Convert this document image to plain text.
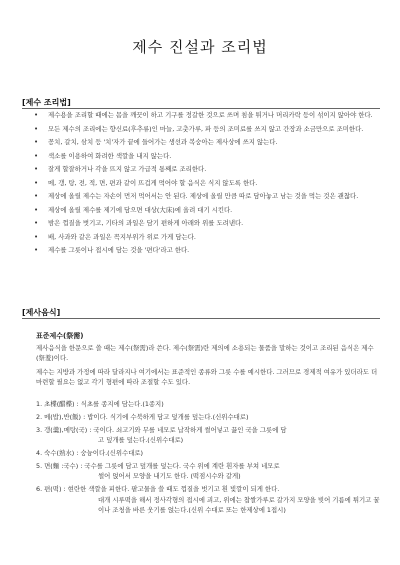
제수 진설과 조리법
[제수 조리법]
• 제수용을 조리할 때에는 몸을 깨끗이 하고 기구를 정갈한 것으로 쓰며 침을 튀거나 머리카락 등이 섞이지 않아야 한다.
• 모든 제수의 조리에는 향신료(후추류)인 마늘, 고춧가루, 파 등의 조미료를 쓰지 않고 간장과 소금만으로 조미한다.
• 꽁치, 갈치, 삼치 등 '치'자가 끝에 들어가는 생선과 복숭아는 제사상에 쓰지 않는다.
• 색소를 이용하여 화려한 색깔을 내지 않는다.
• 잘게 할잘하거나 각을 뜨지 않고 가급적 통째로 조리한다.
• 메, 갱, 탕, 전, 적, 면, 편과 같이 뜨겁게 먹어야 할 음식은 식지 않도록 한다.
• 제상에 올릴 제수는 자손이 먼저 먹어서는 안 된다. 제상에 올릴 만큼 따로 담아놓고 남는 것을 먹는 것은 괜찮다.
• 제상에 올릴 제수를 제기에 담으면 대상(大床)에 올려 대기 시킨다.
• 밤은 껍질을 벗기고, 기타의 과일은 담기 편하게 아래와 위를 도려낸다.
• 배, 사과와 같은 과일은 꼭지부위가 위로 가게 담는다.
• 제수를 그릇이나 접시에 담는 것을 '편다'라고 한다.
[제사음식]
표준제수(祭需)

제사음식을 한문으로 쓸 때는 제수(祭需)라 쓴다. 제수(祭需)란 제의에 소용되는 물품을 말하는 것이고 조리된 음식은 제수(祭羞)이다.

제수는 지방과 가정에 따라 달라지나 여기에서는 표준적인 종류와 그릇 수를 예시한다. 그러므로 경제적 여유가 있더라도 더 마련할 필요는 없고 각기 형편에 따라 조절할 수도 있다.

1. 초楪(醋楪) : 식초를 종지에 담는다.(1종지)
2. 메(밥),반(飯) : 밥이다. 식기에 수북하게 담고 덮개를 덮는다.(신위수대로)
3. 갱(羹),메탕(국) : 국이다. 쇠고기와 무를 네모로 납작하게 썰어넣고 끓인 국을 그릇에 담
고 덮개를 덮는다.(신위수대로)
4. 숙수(熟水) : 숭늉이다.(신위수대로)
5. 면(麵 :국수) : 국수를 그릇에 담고 덮개를 덮는다. 국수 위에 계란 흰자를 부쳐 네모로
썰어 얹어서 모양을 내기도 한다. (떡점시수와 같게)
6. 편(떡) : 현란한 색깔을 피한다. 팥고물을 쓸 때도 껍질을 벗기고 흰 빛깔이 되게 한다.
대개 시루떡을 해서 정사각형의 접시에 괴고, 위에는 찹쌀가루로 갈가지 모양을 빚어 기름에 튀기고 꿀이나 조청을 바른 웃기를 얹는다.(신위 수대로 또는 한제상에 1접시)
